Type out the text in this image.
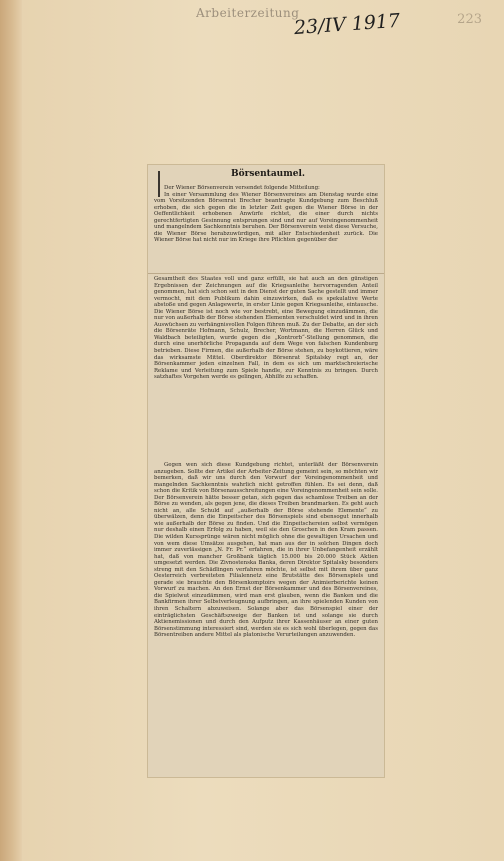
Arbeiterzeitung
23/IV 1917	223
Börsentaumel.

Der Wiener Börsenverein versendet folgende Mitteilung:

In einer Versammlung des Wiener Börsenvereines am Dienstag wurde eine vom Vorsitzenden Börsenrat Brecher beantragte Kundgebung zum Beschluß erhoben, die sich gegen die in letzter Zeit gegen die Wiener Börse in der Oeffentlichkeit erhobenen Anwürfe richtet, die einer durch nichts gerechtfertigten Gesinnung entsprungen sind und nur auf Voreingenommenheit und mangelndem Sachkenntnis beruhen. Der Börsenverein weist diese Versuche, die Wiener Börse herabzuwürdigen, mit aller Entschiedenheit zurück. Die Wiener Börse hat nicht nur im Kriege ihre Pflichten gegenüber der

Gesamtheit des Staates voll und ganz erfüllt, sie hat auch an den günstigen Ergebnissen der Zeichnungen auf die Kriegsanleihe hervorragenden Anteil genommen, hat sich schon seit in den Dienst der guten Sache gestellt und immer vermocht, mit dem Publikum dahin einzuwirken, daß es spekulative Werte abstoße und gegen Anlagewerte, in erster Linie gegen Kriegsanleihe, eintausche. Die Wiener Börse ist noch wie vor bestrebt, eine Bewegung einzudämmen, die nur von außerhalb der Börse stehenden Elementen verschuldet wird und in ihren Auswüchsen zu verhängnisvollen Folgen führen muß. Zu der Debatte, an der sich die Börsenräte Hofmann, Schulz, Brecher, Wortmann, die Herren Glück und Waldbach beteiligten, wurde gegen die „Kontrorb“-Stellung genommen, die durch eine unerhörliche Propaganda auf dem Wege von falschen Kundenburg betrieben. Diese Firmen, die außerhalb der Börse stehen, zu boykottieren, wäre das wirksamste Mittel. Oberdirektor Börsenrat Spitalsky regt an, der Börsenkammer jeden einzelnen Fall, in dem es sich um marktschreierische Reklame und Verleitung zum Spiele handle, zur Kenntnis zu bringen. Durch satzhaftes Vorgehen werde es gelingen, Abhilfe zu schaffen.

Gegen wen sich diese Kundgebung richtet, unterläßt der Börsenverein anzugeben. Sollte der Artikel der Arbeiter-Zeitung gemeint sein, so möchten wir bemerken, daß wir uns durch den Vorwurf der Voreingenommenheit und mangelnden Sachkenntnis wahrlich nicht getroffen fühlen. Es sei denn, daß schon die Kritik von Börsenausschreitungen eine Voreingenommenheit sein solle. Der Börsenverein hätte besser getan, sich gegen das schamlose Treiben an der Börse zu wenden, als gegen jene, die dieses Treiben brandmarken. Es geht auch nicht an, alle Schuld auf „außerhalb der Börse stehende Elemente“ zu überwälzen, denn die Einpeitscher des Börsenspiels sind ebensogut innerhalb wie außerhalb der Börse zu finden. Und die Einpeitschereien selbst vermögen nur deshalb einen Erfolg zu haben, weil sie den Groschen in den Kram passen. Die wilden Kurssprünge wären nicht möglich ohne die gewaltigen Ursachen und von wem diese Umsätze ausgehen, hat man aus der in solchen Dingen doch immer zuverlässigen „N. Fr. Pr.“ erfahren, die in ihrer Unbefangenheit erzählt hat, daß von mancher Großbank täglich 15.000 bis 20.000 Stück Aktien umgesetzt werden. Die Zivnostenska Banka, deren Direktor Spitalsky besonders streng mit den Schädlingen verfahren möchte, ist selbst mit ihrem über ganz Oesterreich verbreiteten Filialennetz eine Brutstätte des Börsenspiels und gerade sie brauchte den Börsenkomptoirs wegen der Animierberichte keinen Vorwurf zu machen. An den Ernst der Börsenkammer und des Börsenvereines, die Spielwut einzudämmen, wird man erst glauben, wenn die Banken und die Bankfirmen ihrer Selbstverleugnung aufbringen, an ihre spielenden Kunden von ihren Schaltern abzuweisen. Solange aber das Börsenspiel einer der einträglichsten Geschäftszweige der Banken ist und solange sie durch Aktienemissionen und durch den Aufputz ihrer Kassenhäuser an einer guten Börsenstimmung interessiert sind, werden sie es sich wohl überlegen, gegen das Börsentreiben andere Mittel als platonische Verurteilungen anzuwenden.
